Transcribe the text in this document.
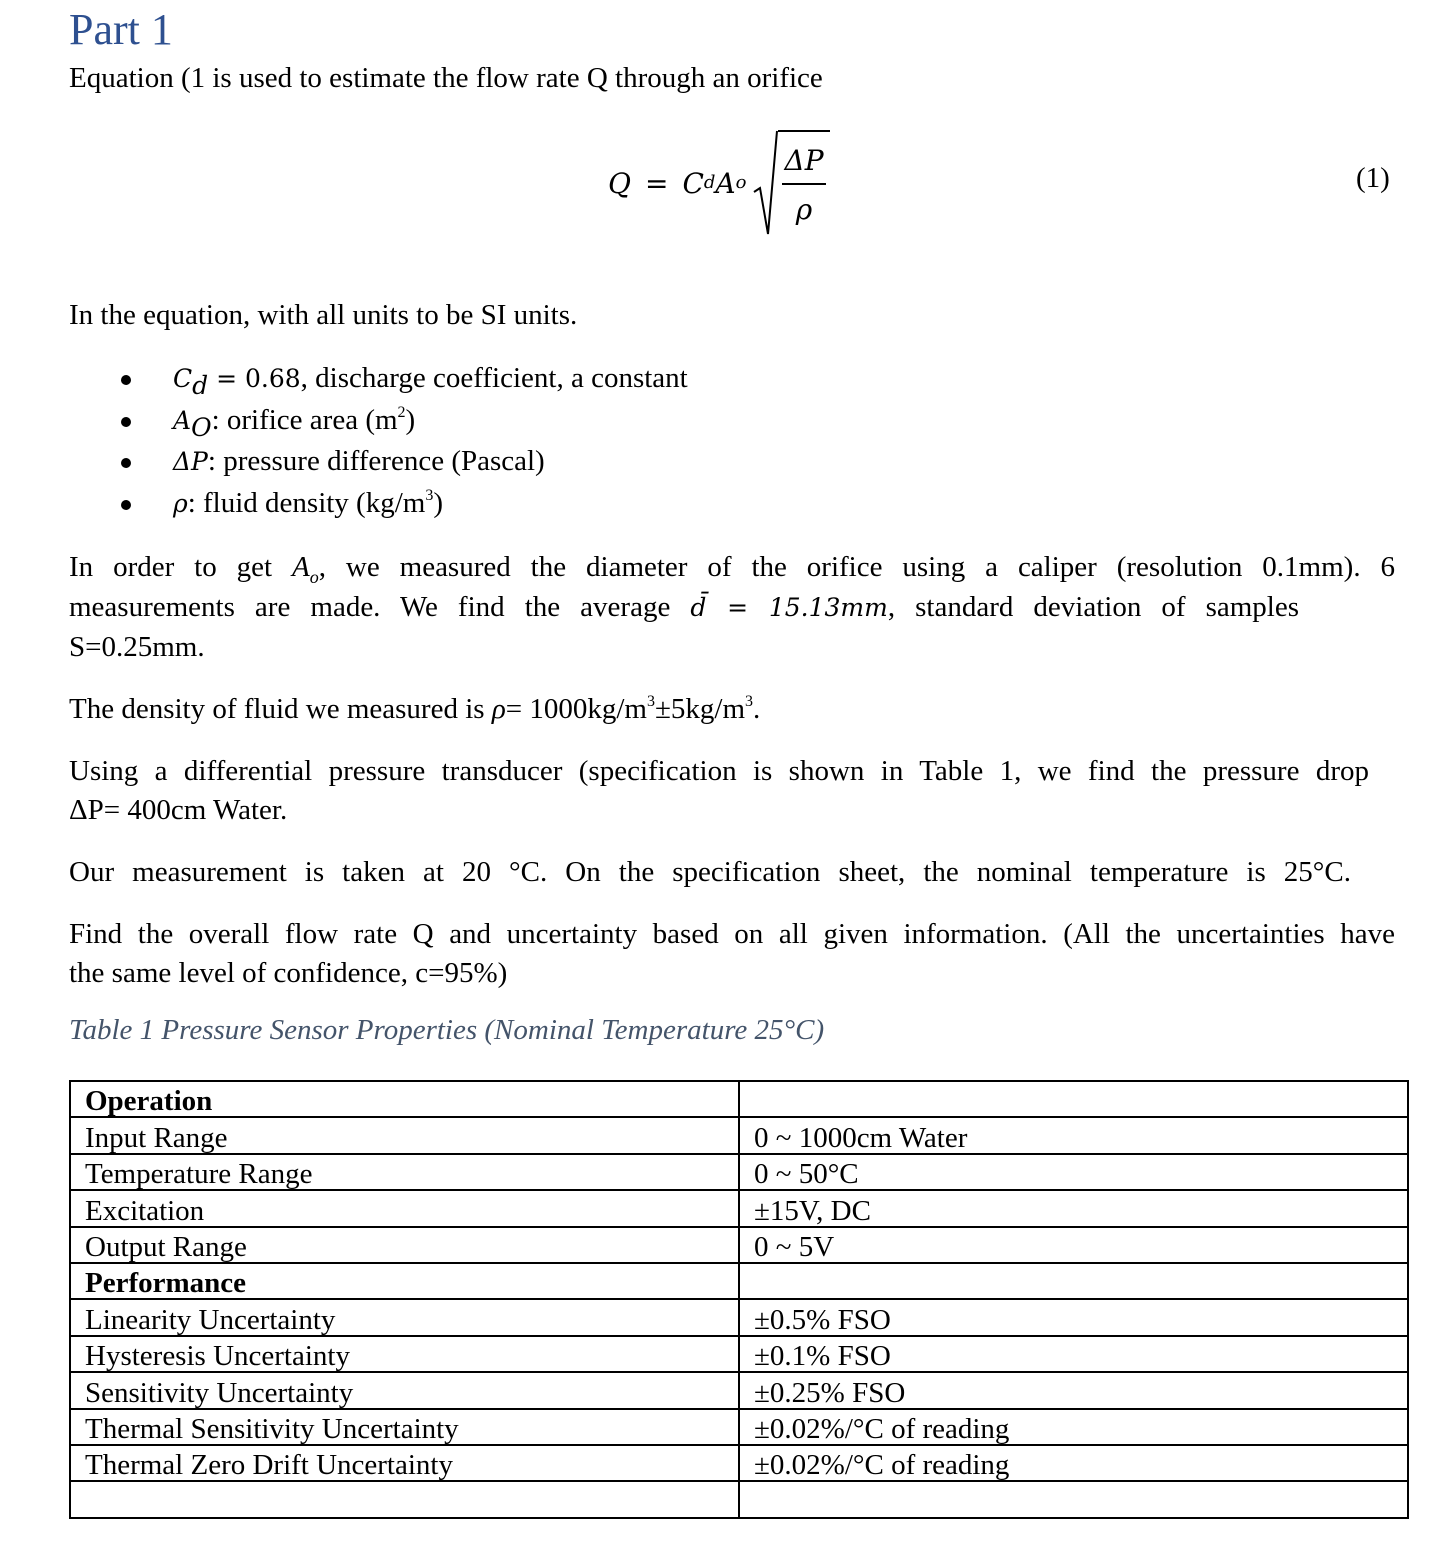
Part 1

Equation (1 is used to estimate the flow rate Q through an orifice

Q = C d A o $\frac{\Delta P}{\rho}$	(1)

In the equation, with all units to be SI units.

$C_d = 0.68$, discharge coefficient, a constant
$A_O$: orifice area $(m^2)$
ΔP: pressure difference (Pascal)
ρ: fluid density $(kg/m^3)$

In order to get $A_o$, we measured the diameter of the orifice using a caliper (resolution 0.1mm). 6

measurements are made. We find the average d̄ = 15.13mm, standard deviation of samples

S=0.25mm.

The density of fluid we measured is $\rho= 1000kg/m^3\pm 5kg/m^3$.

Using a differential pressure transducer (specification is shown in Table 1, we find the pressure drop

ΔP= 400cm Water.

Our measurement is taken at 20 °C. On the specification sheet, the nominal temperature is 25°C.

Find the overall flow rate Q and uncertainty based on all given information. (All the uncertainties have

the same level of confidence, c=95%)

Table 1 Pressure Sensor Properties (Nominal Temperature 25°C)

Operation	
Input Range	0 ~ 1000cm Water
Temperature Range	0 ~ 50°C
Excitation	±15V, DC
Output Range	0 ~ 5V
Performance	
Linearity Uncertainty	±0.5% FSO
Hysteresis Uncertainty	±0.1% FSO
Sensitivity Uncertainty	±0.25% FSO
Thermal Sensitivity Uncertainty	±0.02%/°C of reading
Thermal Zero Drift Uncertainty	±0.02%/°C of reading
